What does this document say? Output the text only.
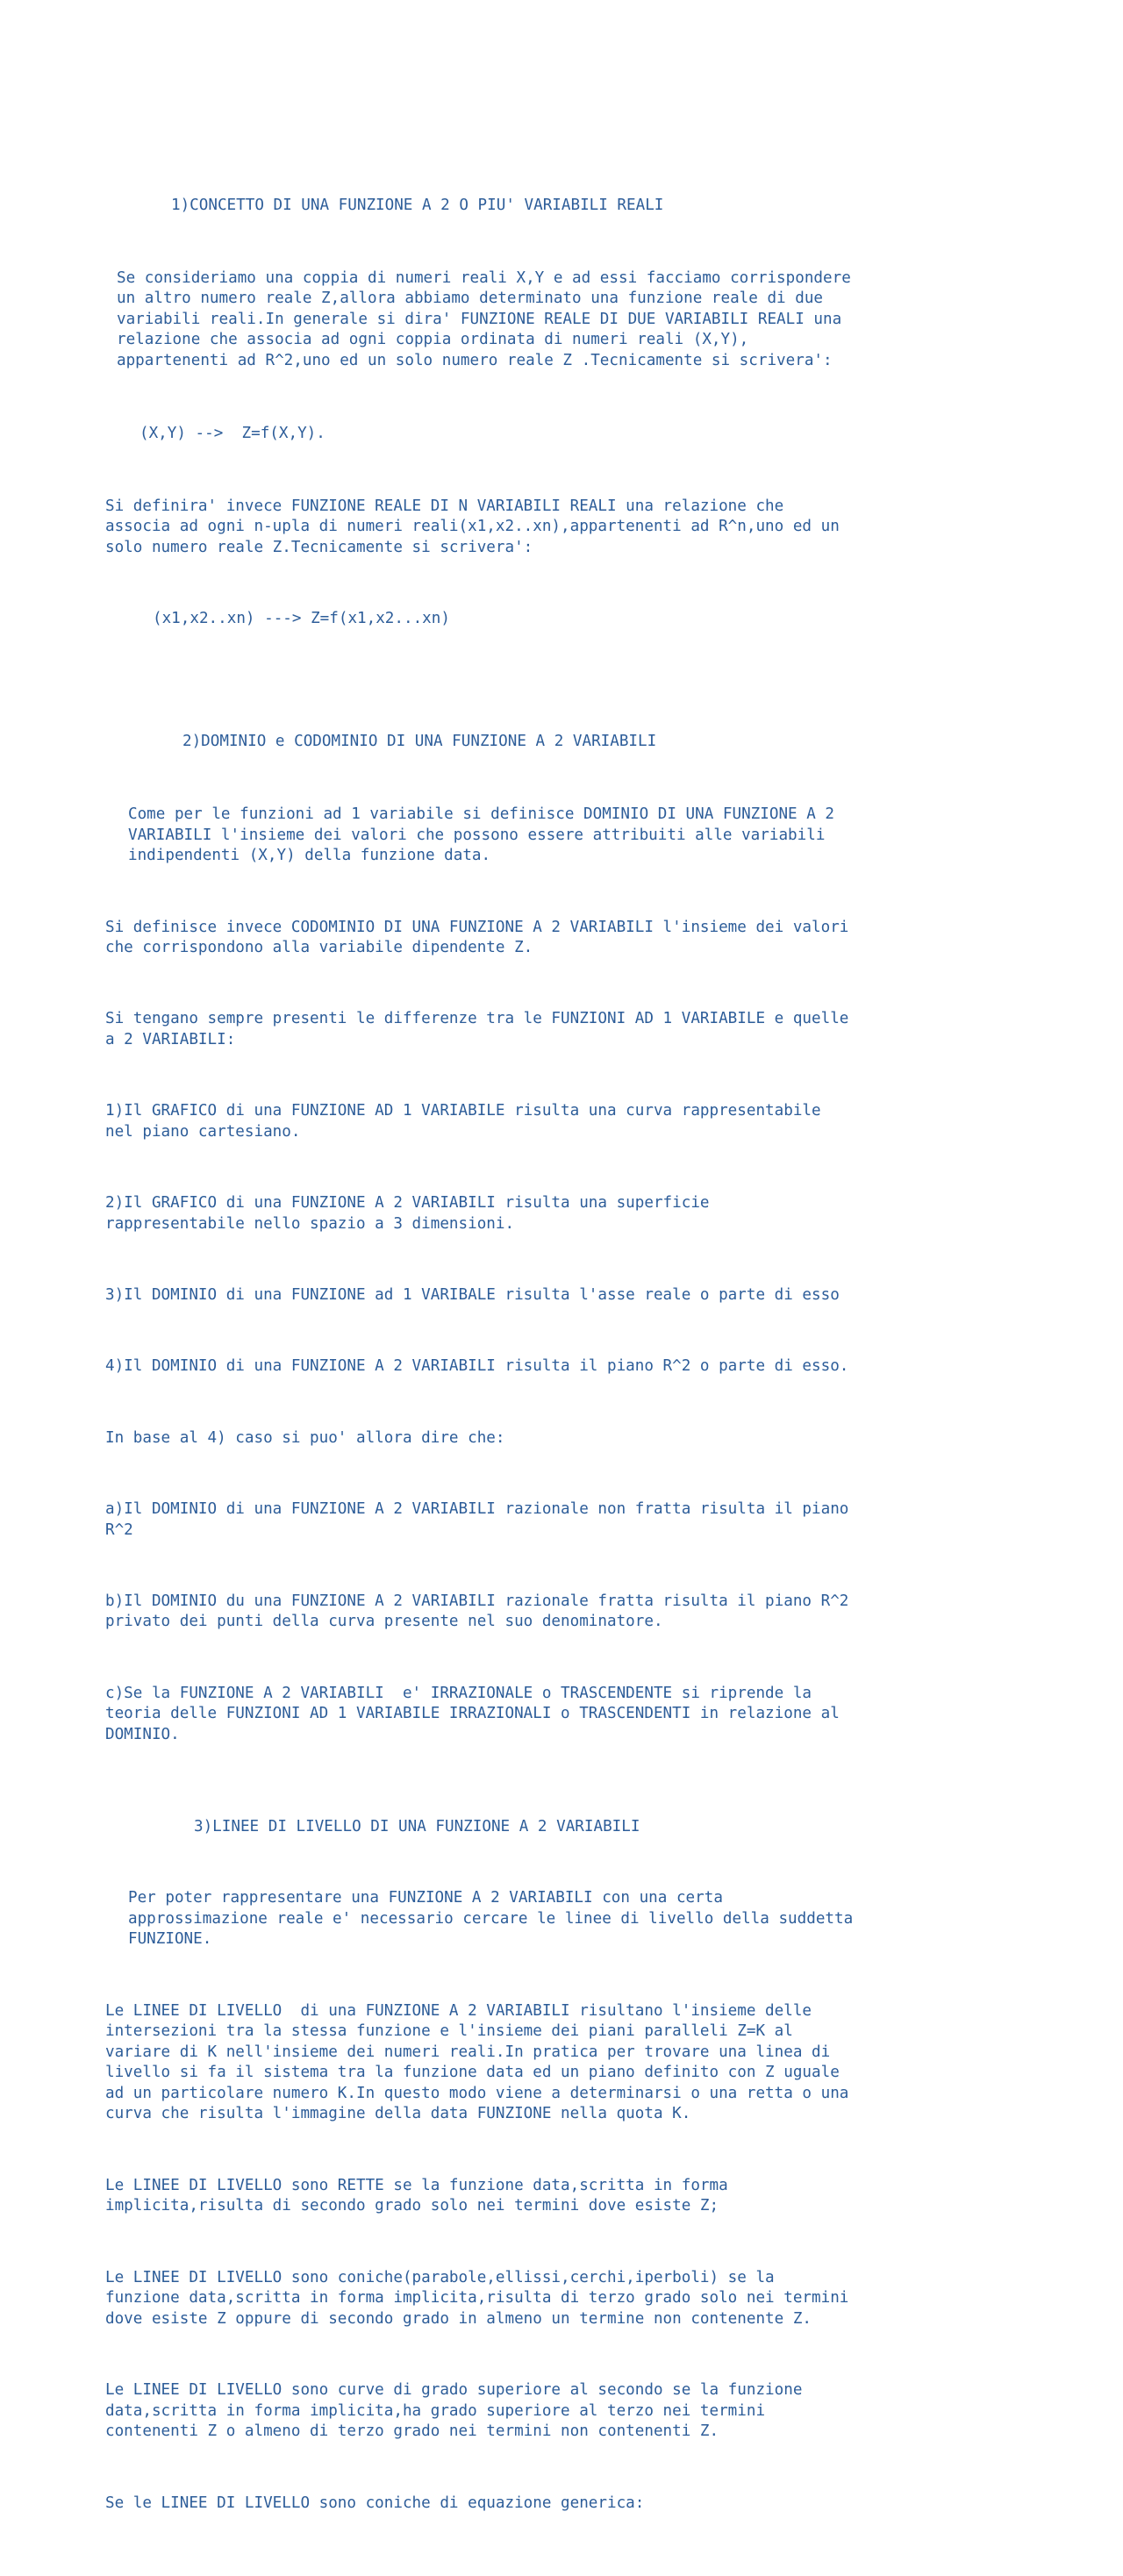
1)CONCETTO DI UNA FUNZIONE A 2 O PIU' VARIABILI REALI

Se consideriamo una coppia di numeri reali X,Y e ad essi facciamo corrispondere
un altro numero reale Z,allora abbiamo determinato una funzione reale di due
variabili reali.In generale si dira' FUNZIONE REALE DI DUE VARIABILI REALI una
relazione che associa ad ogni coppia ordinata di numeri reali (X,Y),
appartenenti ad R^2,uno ed un solo numero reale Z .Tecnicamente si scrivera':

(X,Y) -->  Z=f(X,Y).

Si definira' invece FUNZIONE REALE DI N VARIABILI REALI una relazione che
associa ad ogni n-upla di numeri reali(x1,x2..xn),appartenenti ad R^n,uno ed un
solo numero reale Z.Tecnicamente si scrivera':

(x1,x2..xn) ---> Z=f(x1,x2...xn)

2)DOMINIO e CODOMINIO DI UNA FUNZIONE A 2 VARIABILI

Come per le funzioni ad 1 variabile si definisce DOMINIO DI UNA FUNZIONE A 2
VARIABILI l'insieme dei valori che possono essere attribuiti alle variabili
indipendenti (X,Y) della funzione data.

Si definisce invece CODOMINIO DI UNA FUNZIONE A 2 VARIABILI l'insieme dei valori
che corrispondono alla variabile dipendente Z.

Si tengano sempre presenti le differenze tra le FUNZIONI AD 1 VARIABILE e quelle
a 2 VARIABILI:

1)Il GRAFICO di una FUNZIONE AD 1 VARIABILE risulta una curva rappresentabile
nel piano cartesiano.

2)Il GRAFICO di una FUNZIONE A 2 VARIABILI risulta una superficie
rappresentabile nello spazio a 3 dimensioni.

3)Il DOMINIO di una FUNZIONE ad 1 VARIBALE risulta l'asse reale o parte di esso

4)Il DOMINIO di una FUNZIONE A 2 VARIABILI risulta il piano R^2 o parte di esso.

In base al 4) caso si puo' allora dire che:

a)Il DOMINIO di una FUNZIONE A 2 VARIABILI razionale non fratta risulta il piano
R^2

b)Il DOMINIO du una FUNZIONE A 2 VARIABILI razionale fratta risulta il piano R^2
privato dei punti della curva presente nel suo denominatore.

c)Se la FUNZIONE A 2 VARIABILI  e' IRRAZIONALE o TRASCENDENTE si riprende la
teoria delle FUNZIONI AD 1 VARIABILE IRRAZIONALI o TRASCENDENTI in relazione al
DOMINIO.

3)LINEE DI LIVELLO DI UNA FUNZIONE A 2 VARIABILI

Per poter rappresentare una FUNZIONE A 2 VARIABILI con una certa
approssimazione reale e' necessario cercare le linee di livello della suddetta
FUNZIONE.

Le LINEE DI LIVELLO  di una FUNZIONE A 2 VARIABILI risultano l'insieme delle
intersezioni tra la stessa funzione e l'insieme dei piani paralleli Z=K al
variare di K nell'insieme dei numeri reali.In pratica per trovare una linea di
livello si fa il sistema tra la funzione data ed un piano definito con Z uguale
ad un particolare numero K.In questo modo viene a determinarsi o una retta o una
curva che risulta l'immagine della data FUNZIONE nella quota K.

Le LINEE DI LIVELLO sono RETTE se la funzione data,scritta in forma
implicita,risulta di secondo grado solo nei termini dove esiste Z;

Le LINEE DI LIVELLO sono coniche(parabole,ellissi,cerchi,iperboli) se la
funzione data,scritta in forma implicita,risulta di terzo grado solo nei termini
dove esiste Z oppure di secondo grado in almeno un termine non contenente Z.

Le LINEE DI LIVELLO sono curve di grado superiore al secondo se la funzione
data,scritta in forma implicita,ha grado superiore al terzo nei termini
contenenti Z o almeno di terzo grado nei termini non contenenti Z.

Se le LINEE DI LIVELLO sono coniche di equazione generica:
